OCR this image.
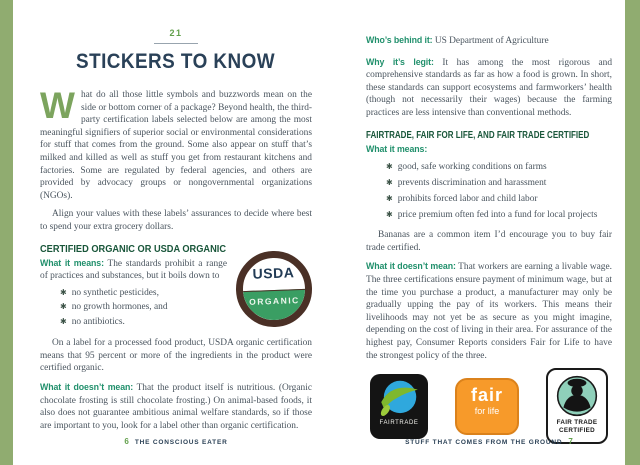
21
STICKERS TO KNOW

What do all those little symbols and buzzwords mean on the side or bottom corner of a package? Beyond health, the third-party certification labels selected below are among the most meaningful signifiers of superior social or environmental considerations for stuff that comes from the ground. Some also appear on stuff that’s milked and killed as well as stuff you get from restaurant kitchens and factories. Some are regulated by federal agencies, and others are provided by advocacy groups or nongovernmental organizations (NGOs).

Align your values with these labels’ assurances to decide where best to spend your extra grocery dollars.

CERTIFIED ORGANIC OR USDA ORGANIC
USDA
ORGANIC

What it means: The standards prohibit a range of practices and substances, but it boils down to

✱ no synthetic pesticides,
✱ no growth hormones, and
✱ no antibiotics.

On a label for a processed food product, USDA organic certification means that 95 percent or more of the ingredients in the product were certified organic.

What it doesn’t mean: That the product itself is nutritious. (Organic chocolate frosting is still chocolate frosting.) On animal-based foods, it also does not guarantee ambitious animal welfare standards, so if those are important to you, look for a label other than organic certification.

6 THE CONSCIOUS EATER

Who’s behind it: US Department of Agriculture

Why it’s legit: It has among the most rigorous and comprehensive standards as far as how a food is grown. In short, these standards can support ecosystems and farmworkers’ health (though not necessarily their wages) because the farming practices are less intensive than conventional methods.

FAIRTRADE, FAIR FOR LIFE, AND FAIR TRADE CERTIFIED

What it means:

✱ good, safe working conditions on farms
✱ prevents discrimination and harassment
✱ prohibits forced labor and child labor
✱ price premium often fed into a fund for local projects

Bananas are a common item I’d encourage you to buy fair trade certified.

What it doesn’t mean: That workers are earning a livable wage. The three certifications ensure payment of minimum wage, but at the time you purchase a product, a manufacturer may only be gradually upping the pay of its workers. This means their livelihoods may not yet be as secure as you might imagine, depending on the cost of living in their area. For assurance of the highest pay, Consumer Reports considers Fair for Life to have the strongest policy of the three.

FAIRTRADE
fair
for life
FAIR TRADE
CERTIFIED
STUFF THAT COMES FROM THE GROUND 7
